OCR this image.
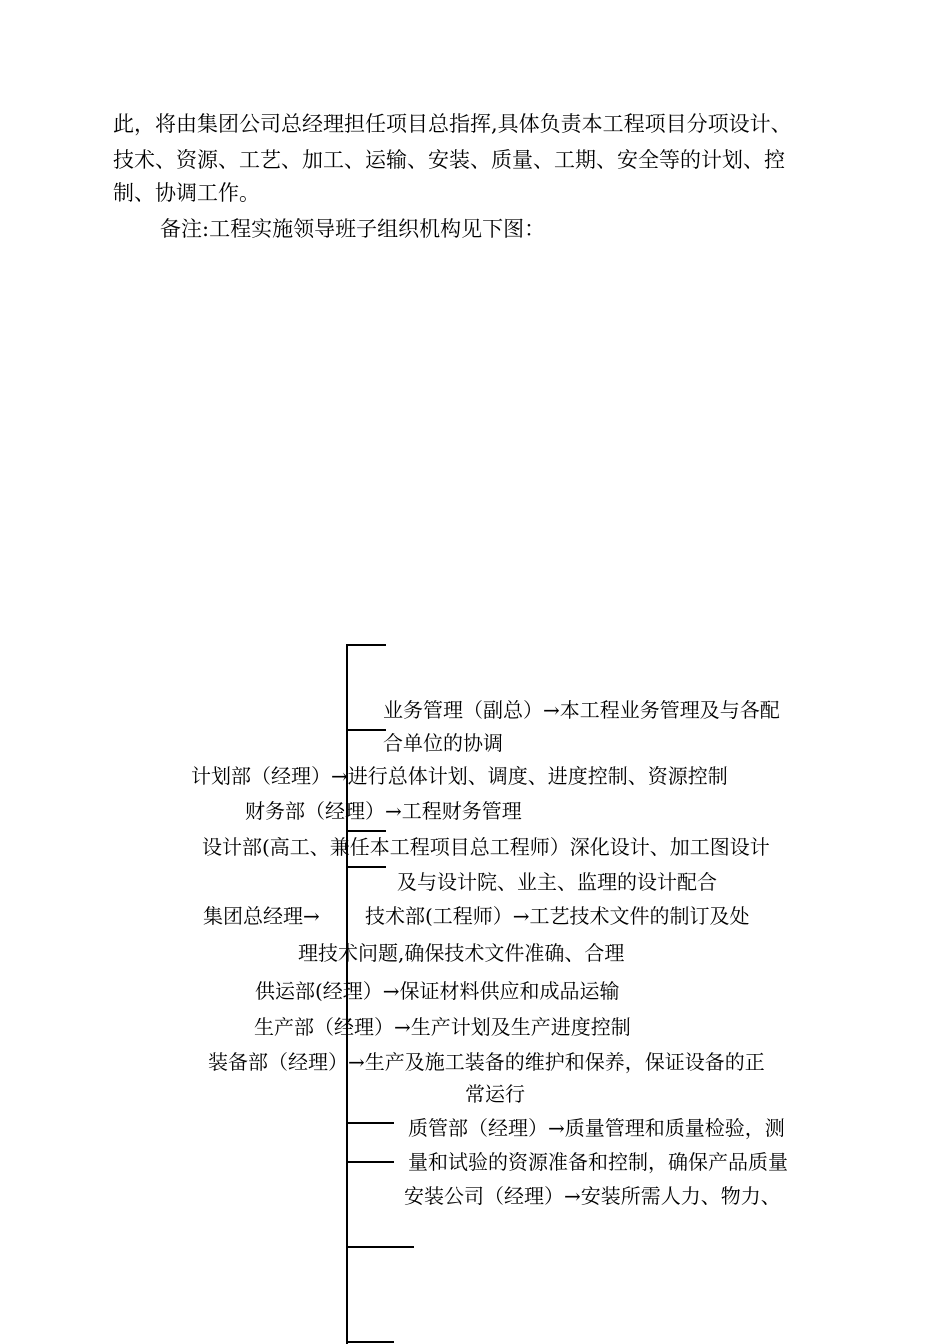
此，将由集团公司总经理担任项目总指挥,具体负责本工程项目分项设计、

技术、资源、工艺、加工、运输、安装、质量、工期、安全等的计划、控

制、协调工作。

备注:工程实施领导班子组织机构见下图：

业务管理（副总）→本工程业务管理及与各配

合单位的协调

计划部（经理）→进行总体计划、调度、进度控制、资源控制

财务部（经理）→工程财务管理

设计部(高工、兼任本工程项目总工程师）深化设计、加工图设计

及与设计院、业主、监理的设计配合

集团总经理→ 技术部(工程师）→工艺技术文件的制订及处

理技术问题,确保技术文件准确、合理

供运部(经理）→保证材料供应和成品运输

生产部（经理）→生产计划及生产进度控制

装备部（经理）→生产及施工装备的维护和保养，保证设备的正

常运行

质管部（经理）→质量管理和质量检验，测

量和试验的资源准备和控制，确保产品质量

安装公司（经理）→安装所需人力、物力、
